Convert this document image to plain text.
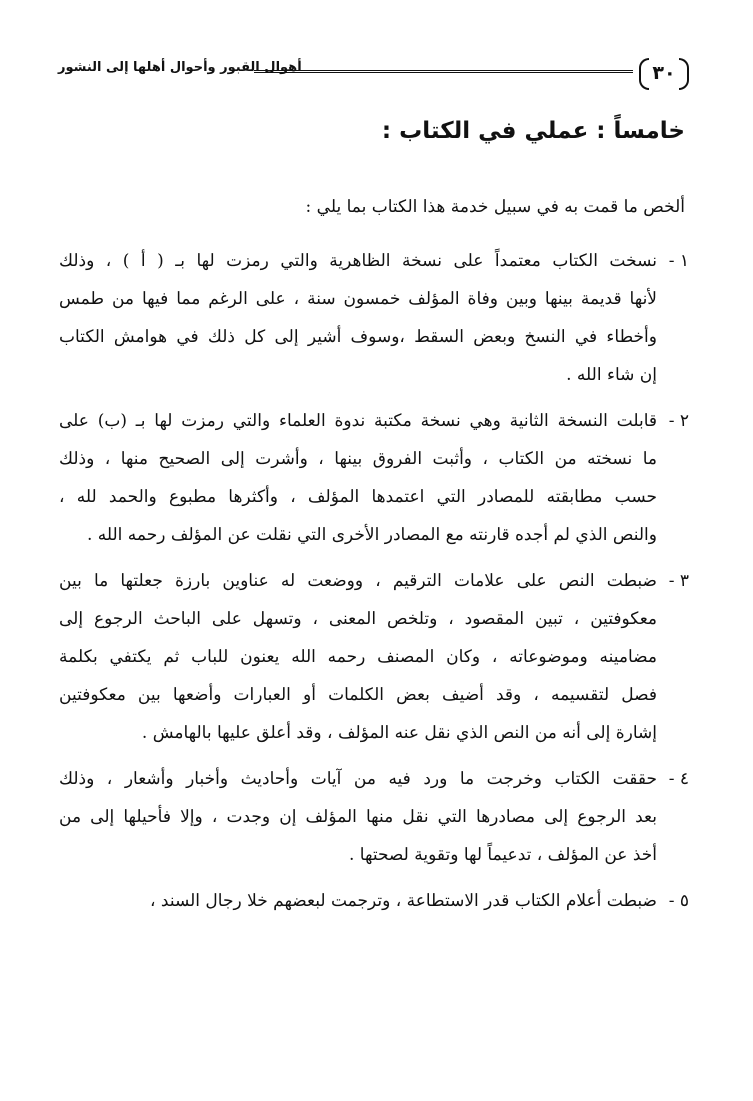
٣٠
أهوال القبور وأحوال أهلها إلى النشور
خامساً : عملي في الكتاب :
ألخص ما قمت به في سبيل خدمة هذا الكتاب بما يلي :
١ -
نسخت الكتاب معتمداً على نسخة الظاهرية والتي رمزت لها بـ ( أ ) ، وذلك
لأنها قديمة بينها وبين وفاة المؤلف خمسون سنة ، على الرغم مما فيها من طمس
وأخطاء في النسخ وبعض السقط ،وسوف أشير إلى كل ذلك في هوامش الكتاب
إن شاء الله .
٢ -
قابلت النسخة الثانية وهي نسخة مكتبة ندوة العلماء والتي رمزت لها بـ (ب) على
ما نسخته من الكتاب ، وأثبت الفروق بينها ، وأشرت إلى الصحيح منها ، وذلك
حسب مطابقته للمصادر التي اعتمدها المؤلف ، وأكثرها مطبوع والحمد لله ،
والنص الذي لم أجده قارنته مع المصادر الأخرى التي نقلت عن المؤلف رحمه الله .
٣ -
ضبطت النص على علامات الترقيم ، ووضعت له عناوين بارزة جعلتها ما بين
معكوفتين ، تبين المقصود ، وتلخص المعنى ، وتسهل على الباحث الرجوع إلى
مضامينه وموضوعاته ، وكان المصنف رحمه الله يعنون للباب ثم يكتفي بكلمة
فصل لتقسيمه ، وقد أضيف بعض الكلمات أو العبارات وأضعها بين معكوفتين
إشارة إلى أنه من النص الذي نقل عنه المؤلف ، وقد أعلق عليها بالهامش .
٤ -
حققت الكتاب وخرجت ما ورد فيه من آيات وأحاديث وأخبار وأشعار ، وذلك
بعد الرجوع إلى مصادرها التي نقل منها المؤلف إن وجدت ، وإلا فأحيلها إلى من
أخذ عن المؤلف ، تدعيماً لها وتقوية لصحتها .
٥ -
ضبطت أعلام الكتاب قدر الاستطاعة ، وترجمت لبعضهم خلا رجال السند ،
